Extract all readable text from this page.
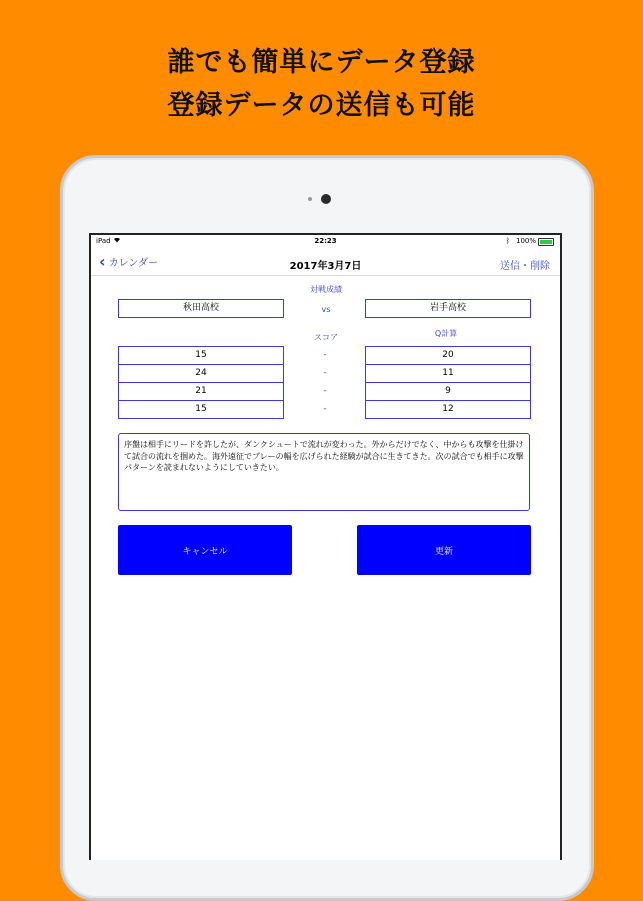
誰でも簡単にデータ登録
登録データの送信も可能
iPad	22:23	ᛒ 100%
‹ カレンダー	2017年3月7日	送信・削除
対戦成績
秋田高校	vs	岩手高校
スコア	Q計算
15	-	20
24	-	11
21	-	9
15	-	12
序盤は相手にリードを許したが、ダンクシュートで流れが変わった。外からだけでなく、中からも攻撃を仕掛けて試合の流れを掴めた。海外遠征でプレーの幅を広げられた経験が試合に生きてきた。次の試合でも相手に攻撃パターンを読まれないようにしていきたい。
キャンセル	更新
